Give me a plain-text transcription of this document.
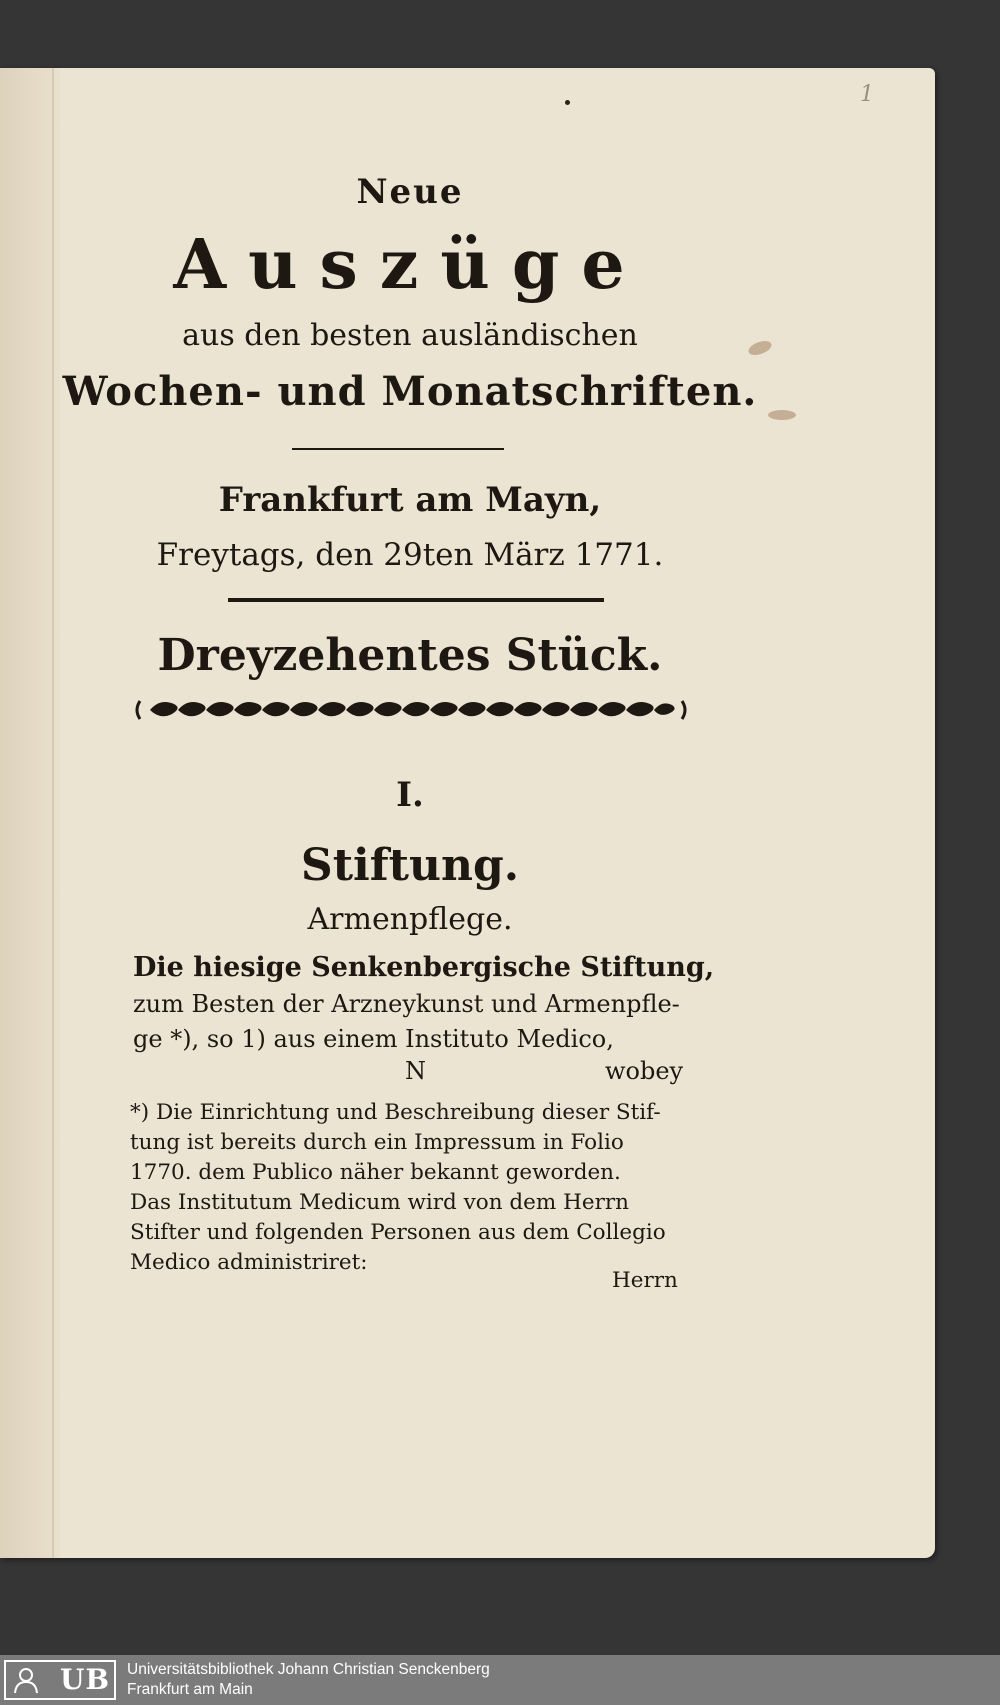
1
Neue
Auszüge
aus den besten ausländischen
Wochen- und Monatschriften.
Frankfurt am Mayn,
Freytags, den 29ten März 1771.
Dreyzehentes Stück.
I.
Stiftung.
Armenpflege.
Die hiesige Senkenbergische Stiftung,
zum Besten der Arzneykunst und Armenpfle-
ge *), so 1) aus einem Instituto Medico,
N	wobey
*) Die Einrichtung und Beschreibung dieser Stif-
tung ist bereits durch ein Impressum in Folio
1770. dem Publico näher bekannt geworden.
Das Institutum Medicum wird von dem Herrn
Stifter und folgenden Personen aus dem Collegio
Medico administriret:
Herrn
UB Universitätsbibliothek Johann Christian Senckenberg
Frankfurt am Main
